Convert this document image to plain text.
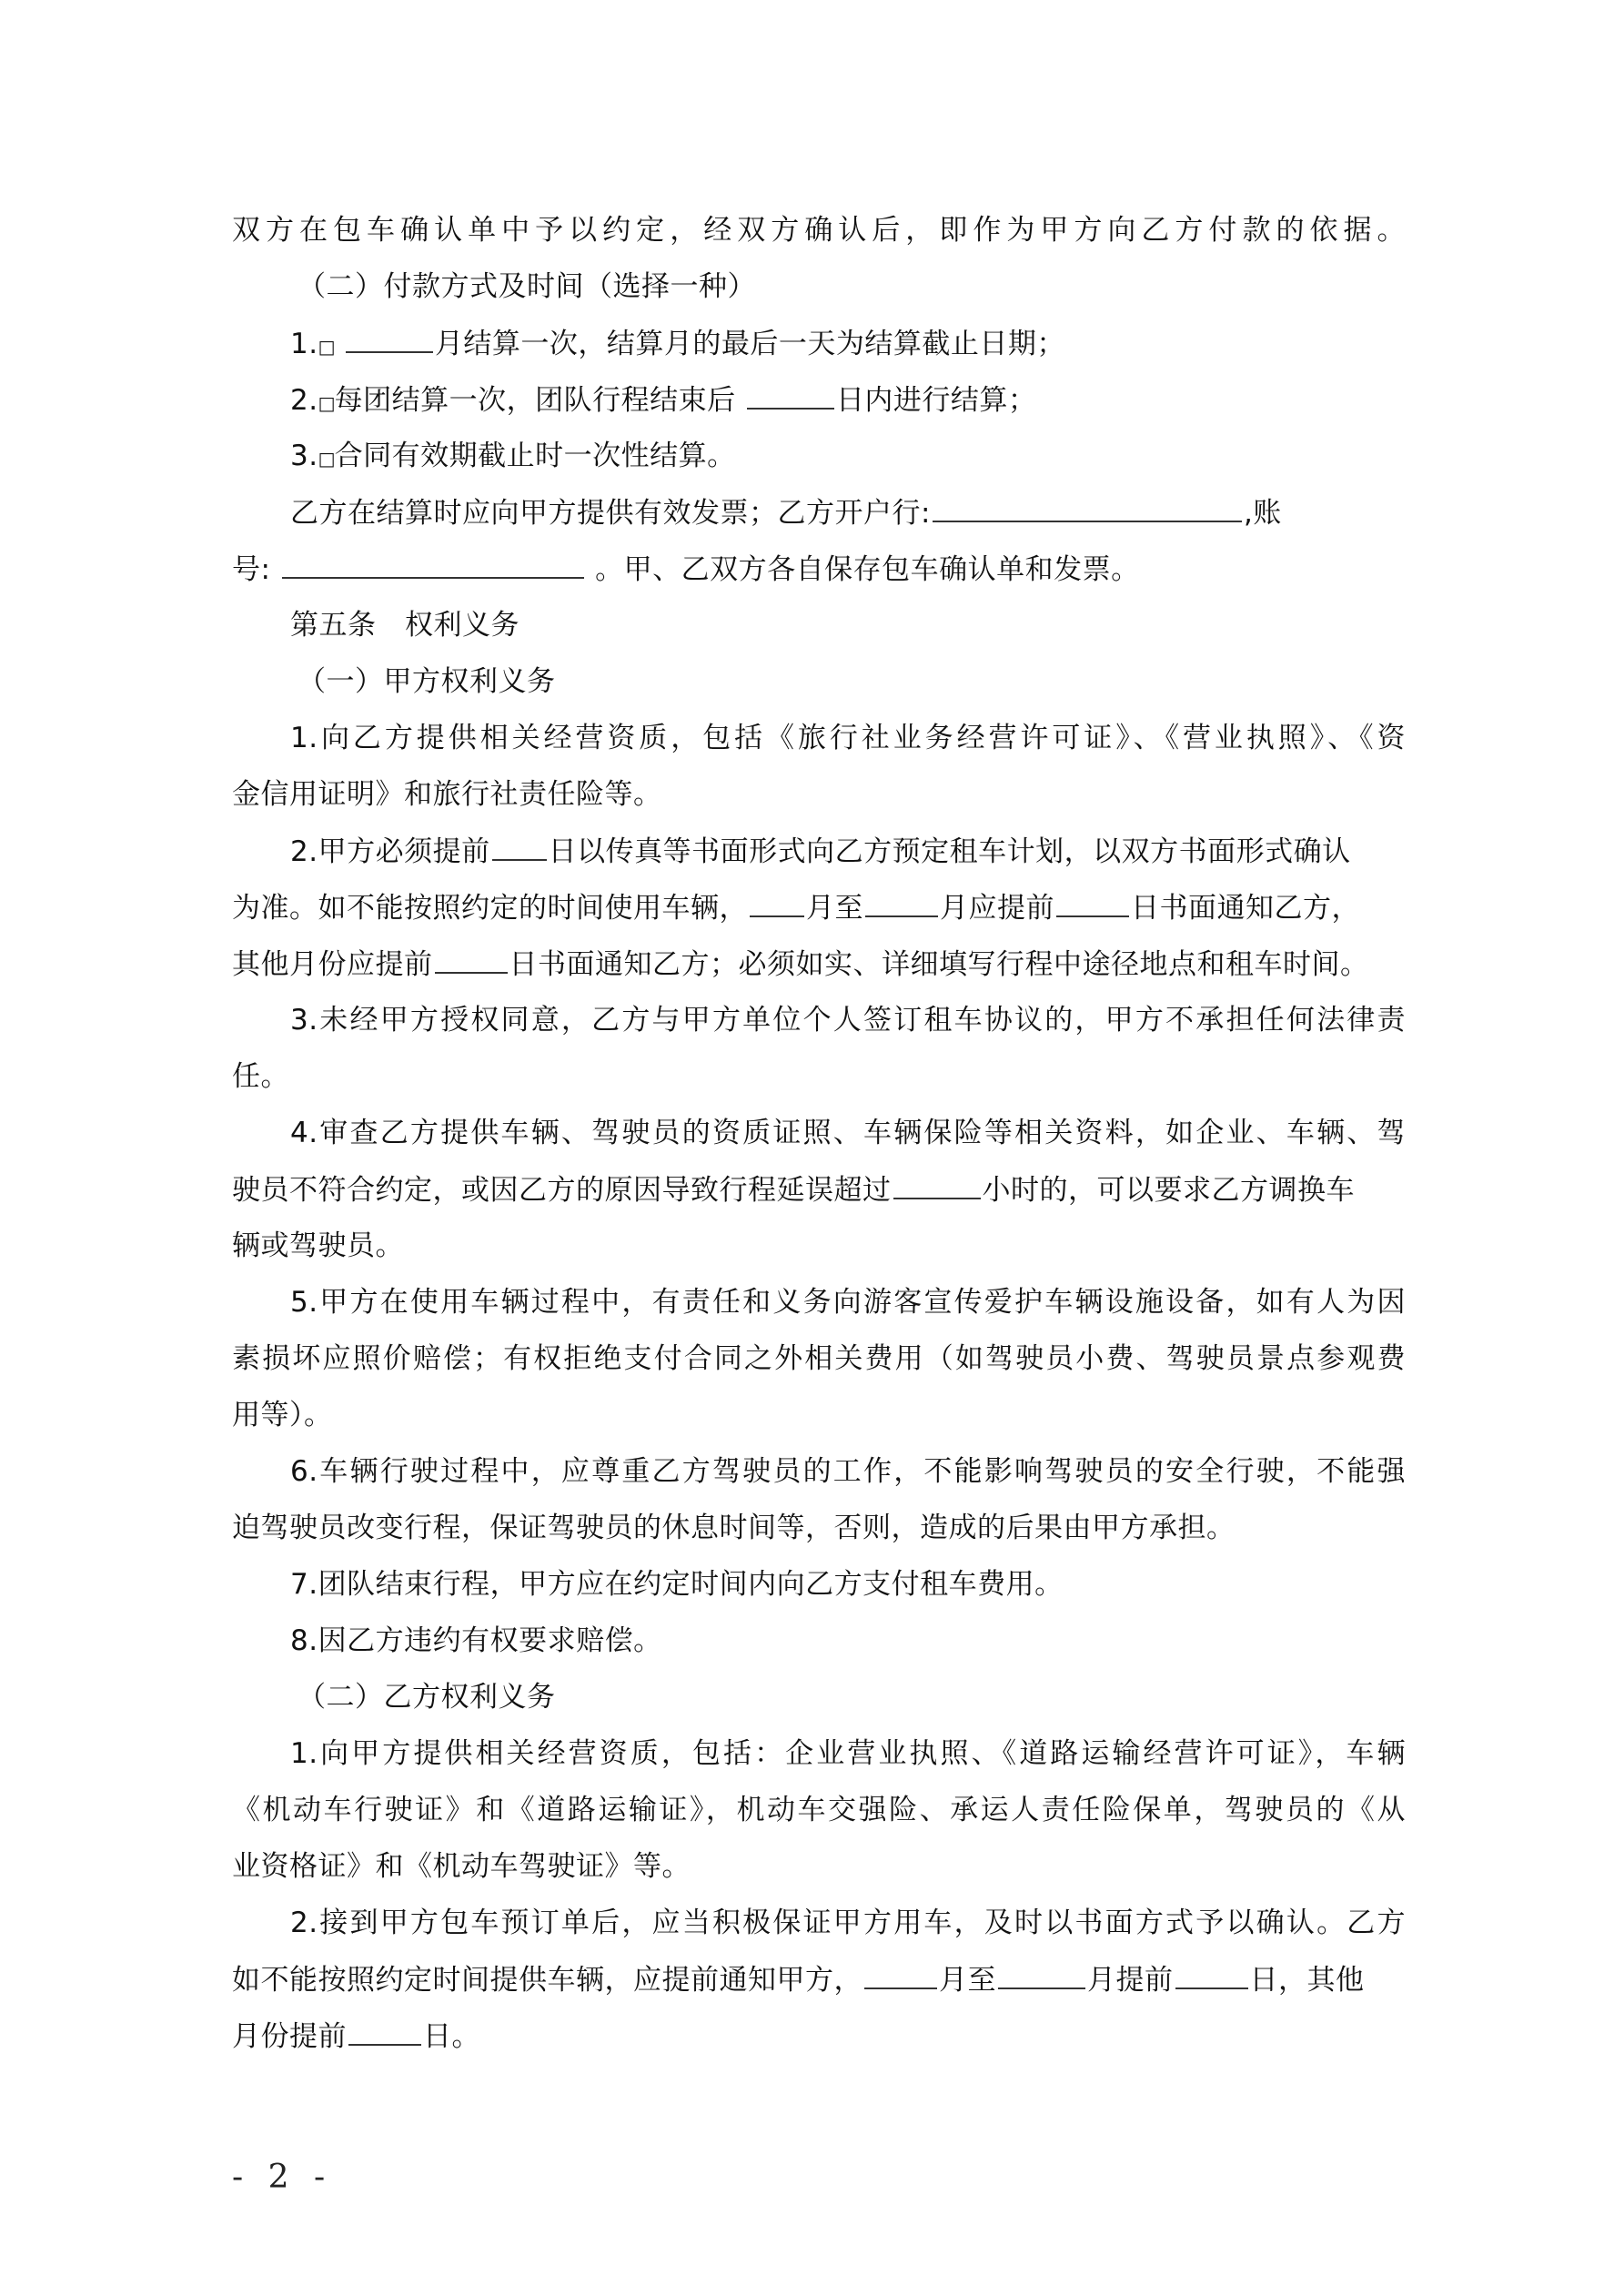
双方在包车确认单中予以约定，经双方确认后，即作为甲方向乙方付款的依据。
（二）付款方式及时间（选择一种）
1.□	月结算一次，结算月的最后一天为结算截止日期；
2.□每团结算一次，团队行程结束后	日内进行结算；
3.□合同有效期截止时一次性结算。
乙方在结算时应向甲方提供有效发票；乙方开户行:	,账
号:	。甲、乙双方各自保存包车确认单和发票。
第五条　权利义务
（一）甲方权利义务
1.向乙方提供相关经营资质，包括《旅行社业务经营许可证》、《营业执照》、《资
金信用证明》和旅行社责任险等。
2.甲方必须提前 日以传真等书面形式向乙方预定租车计划，以双方书面形式确认
为准。如不能按照约定的时间使用车辆， 月至	月应提前	日书面通知乙方，
其他月份应提前	日书面通知乙方；必须如实、详细填写行程中途径地点和租车时间。
3.未经甲方授权同意，乙方与甲方单位个人签订租车协议的，甲方不承担任何法律责
任。
4.审查乙方提供车辆、驾驶员的资质证照、车辆保险等相关资料，如企业、车辆、驾
驶员不符合约定，或因乙方的原因导致行程延误超过	小时的，可以要求乙方调换车
辆或驾驶员。
5.甲方在使用车辆过程中，有责任和义务向游客宣传爱护车辆设施设备，如有人为因
素损坏应照价赔偿；有权拒绝支付合同之外相关费用（如驾驶员小费、驾驶员景点参观费
用等）。
6.车辆行驶过程中，应尊重乙方驾驶员的工作，不能影响驾驶员的安全行驶，不能强
迫驾驶员改变行程，保证驾驶员的休息时间等，否则，造成的后果由甲方承担。
7.团队结束行程，甲方应在约定时间内向乙方支付租车费用。
8.因乙方违约有权要求赔偿。
（二）乙方权利义务
1.向甲方提供相关经营资质，包括：企业营业执照、《道路运输经营许可证》，车辆
《机动车行驶证》和《道路运输证》，机动车交强险、承运人责任险保单，驾驶员的《从
业资格证》和《机动车驾驶证》等。
2.接到甲方包车预订单后，应当积极保证甲方用车，及时以书面方式予以确认。乙方
如不能按照约定时间提供车辆，应提前通知甲方，	月至	月提前	日，其他
月份提前	日。
- 2 -
